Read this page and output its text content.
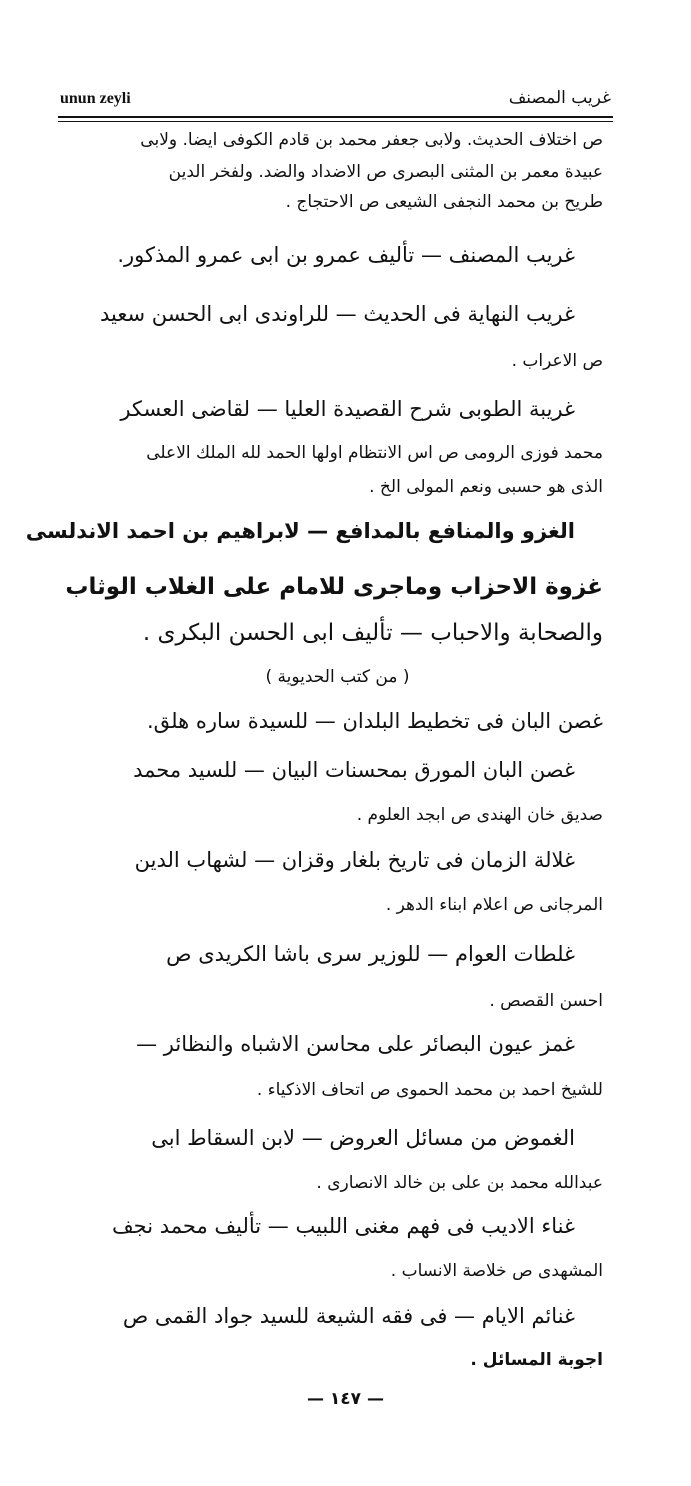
unun zeyli	غريب المصنف
ص اختلاف الحديث. ولابى جعفر محمد بن قادم الكوفى ايضا. ولابى
عبيدة معمر بن المثنى البصرى ص الاضداد والضد. ولفخر الدين
طريح بن محمد النجفى الشيعى ص الاحتجاج .
غريب المصنف — تأليف عمرو بن ابى عمرو المذكور.
غريب النهاية فى الحديث — للراوندى ابى الحسن سعيد
ص الاعراب .
غريبة الطوبى شرح القصيدة العليا — لقاضى العسكر
محمد فوزى الرومى ص اس الانتظام اولها الحمد لله الملك الاعلى
الذى هو حسبى ونعم المولى الخ .
الغزو والمنافع بالمدافع — لابراهيم بن احمد الاندلسى
غزوة الاحزاب وماجرى للامام على الغلاب الوثاب
والصحابة والاحباب — تأليف ابى الحسن البكرى .
( من كتب الحديوية )
غصن البان فى تخطيط البلدان — للسيدة ساره هلق.
غصن البان المورق بمحسنات البيان — للسيد محمد
صديق خان الهندى ص ابجد العلوم .
غلالة الزمان فى تاريخ بلغار وقزان — لشهاب الدين
المرجانى ص اعلام ابناء الدهر .
غلطات العوام — للوزير سرى باشا الكريدى ص
احسن القصص .
غمز عيون البصائر على محاسن الاشباه والنظائر —
للشيخ احمد بن محمد الحموى ص اتحاف الاذكياء .
الغموض من مسائل العروض — لابن السقاط ابى
عبدالله محمد بن على بن خالد الانصارى .
غناء الاديب فى فهم مغنى اللبيب — تأليف محمد نجف
المشهدى ص خلاصة الانساب .
غنائم الايام — فى فقه الشيعة للسيد جواد القمى ص
اجوبة المسائل .
— ١٤٧ —
